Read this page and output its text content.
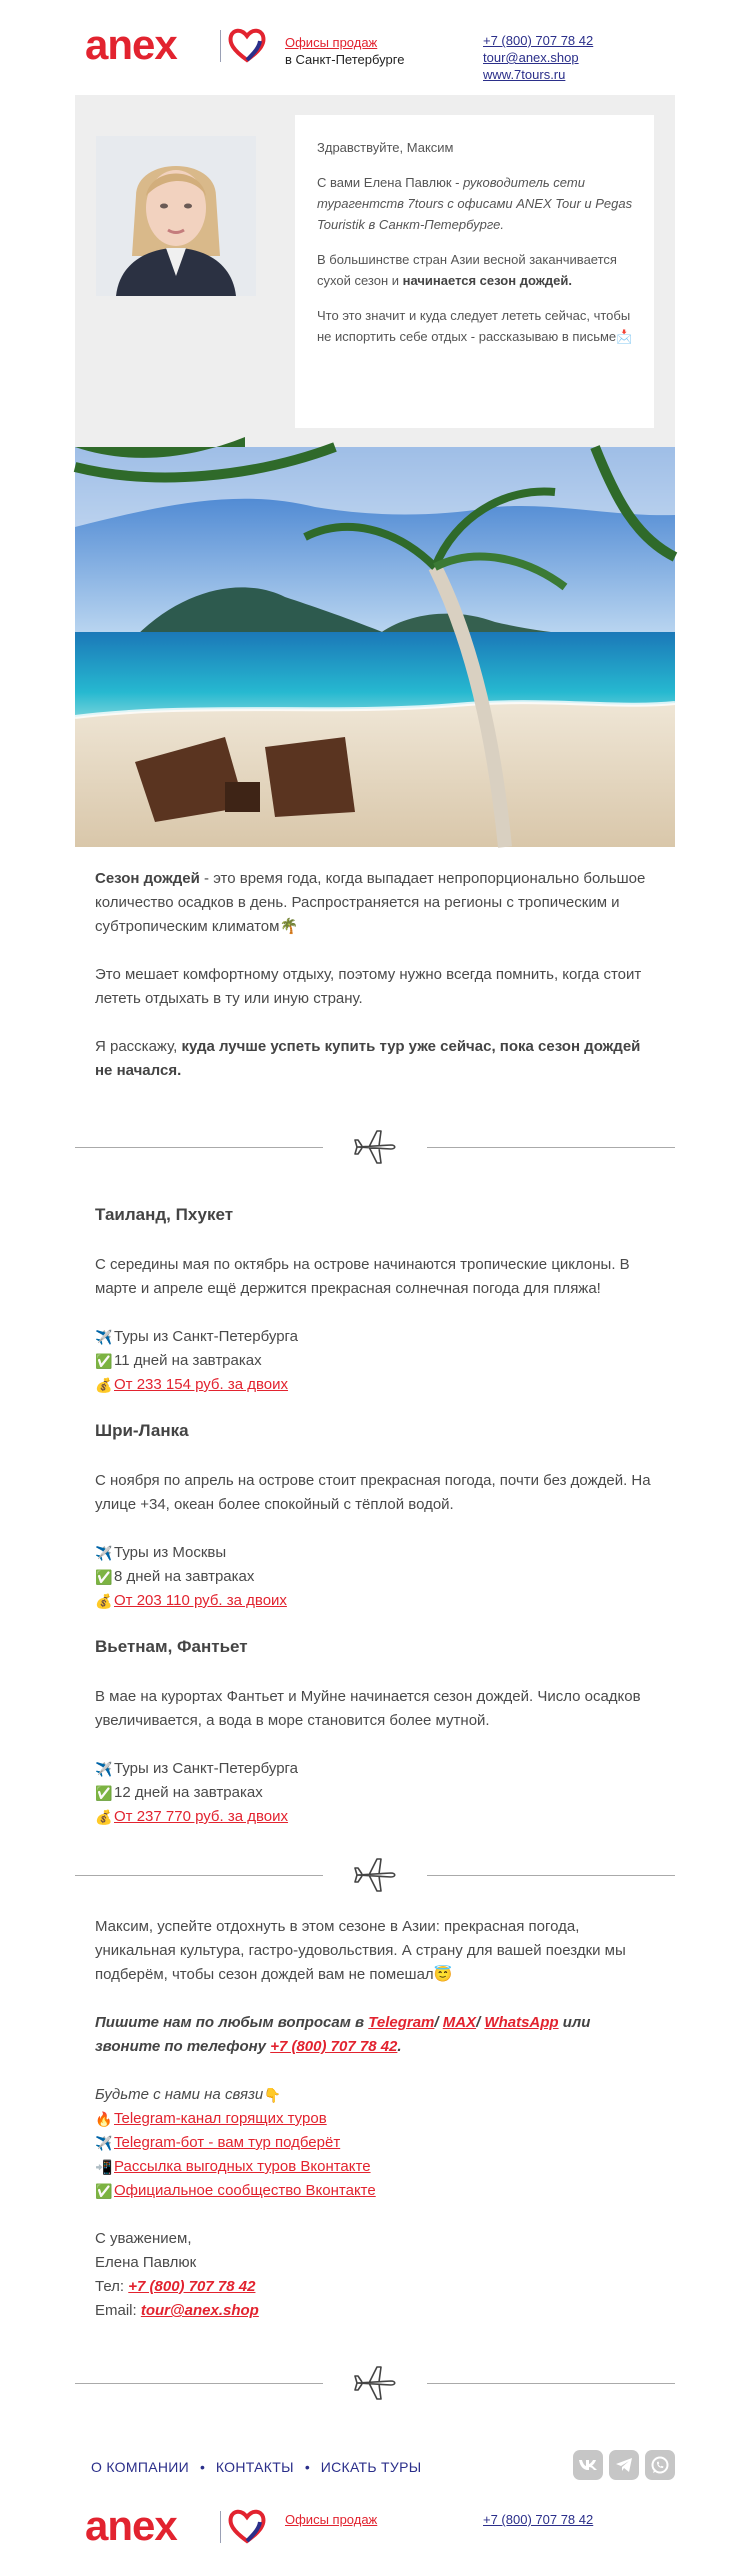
anex	Офисы продаж
в Санкт-Петербурге
+7 (800) 707 78 42
tour@anex.shop
www.7tours.ru

Здравствуйте, Максим

С вами Елена Павлюк - руководитель сети турагентств 7tours с офисами ANEX Tour и Pegas Touristik в Санкт-Петербурге.

В большинстве стран Азии весной заканчивается сухой сезон и начинается сезон дождей.

Что это значит и куда следует лететь сейчас, чтобы не испортить себе отдых - рассказываю в письме📩

Сезон дождей - это время года, когда выпадает непропорционально большое количество осадков в день. Распространяется на регионы с тропическим и субтропическим климатом🌴

Это мешает комфортному отдыху, поэтому нужно всегда помнить, когда стоит лететь отдыхать в ту или иную страну.

Я расскажу, куда лучше успеть купить тур уже сейчас, пока сезон дождей не начался.

Таиланд, Пхукет

С середины мая по октябрь на острове начинаются тропические циклоны. В марте и апреле ещё держится прекрасная солнечная погода для пляжа!

✈️ Туры из Санкт-Петербурга
✅ 11 дней на завтраках
💰 От 233 154 руб. за двоих
Шри-Ланка

С ноября по апрель на острове стоит прекрасная погода, почти без дождей. На улице +34, океан более спокойный с тёплой водой.

✈️ Туры из Москвы
✅ 8 дней на завтраках
💰 От 203 110 руб. за двоих
Вьетнам, Фантьет

В мае на курортах Фантьет и Муйне начинается сезон дождей. Число осадков увеличивается, а вода в море становится более мутной.

✈️ Туры из Санкт-Петербурга
✅ 12 дней на завтраках
💰 От 237 770 руб. за двоих

Максим, успейте отдохнуть в этом сезоне в Азии: прекрасная погода, уникальная культура, гастро-удовольствия. А страну для вашей поездки мы подберём, чтобы сезон дождей вам не помешал😇

Пишите нам по любым вопросам в Telegram/ MAX/ WhatsApp или звоните по телефону +7 (800) 707 78 42.

Будьте с нами на связи 👇
🔥 Telegram-канал горящих туров
✈️ Telegram-бот - вам тур подберёт
📲 Рассылка выгодных туров Вконтакте
✅ Официальное сообщество Вконтакте
С уважением,
Елена Павлюк
Тел: +7 (800) 707 78 42
Email: tour@anex.shop
О КОМПАНИИ • КОНТАКТЫ • ИСКАТЬ ТУРЫ
anex	Офисы продаж	+7 (800) 707 78 42
